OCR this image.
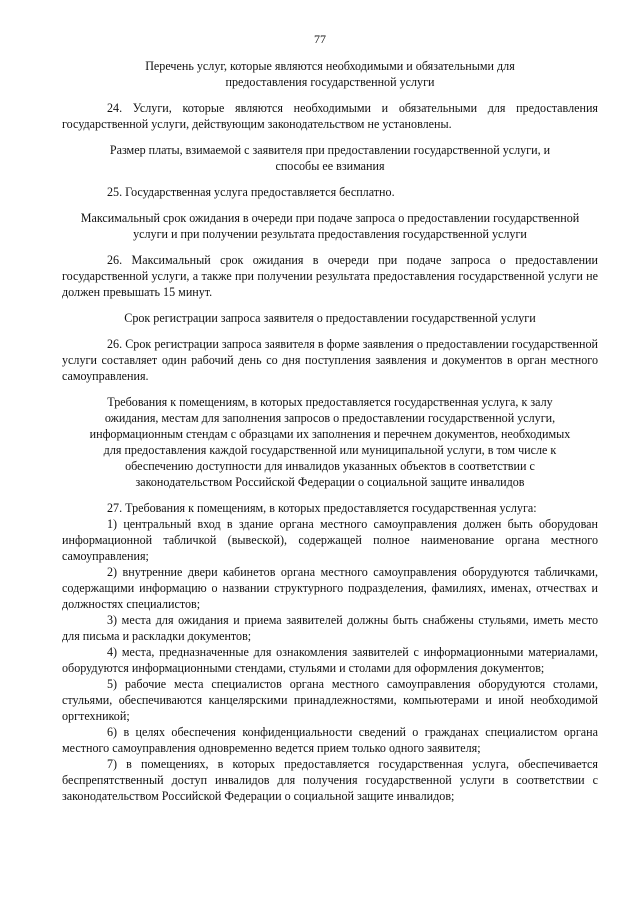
77
Перечень услуг, которые являются необходимыми и обязательными для предоставления государственной услуги
24. Услуги, которые являются необходимыми и обязательными для предоставления государственной услуги, действующим законодательством не установлены.
Размер платы, взимаемой с заявителя при предоставлении государственной услуги, и способы ее взимания
25. Государственная услуга предоставляется бесплатно.
Максимальный срок ожидания в очереди при подаче запроса о предоставлении государственной услуги и при получении результата предоставления государственной услуги
26. Максимальный срок ожидания в очереди при подаче запроса о предоставлении государственной услуги, а также при получении результата предоставления государственной услуги не должен превышать 15 минут.
Срок регистрации запроса заявителя о предоставлении государственной услуги
26. Срок регистрации запроса заявителя в форме заявления о предоставлении государственной услуги составляет один рабочий день со дня поступления заявления и документов в орган местного самоуправления.
Требования к помещениям, в которых предоставляется государственная услуга, к залу ожидания, местам для заполнения запросов о предоставлении государственной услуги, информационным стендам с образцами их заполнения и перечнем документов, необходимых для предоставления каждой государственной или муниципальной услуги, в том числе к обеспечению доступности для инвалидов указанных объектов в соответствии с законодательством Российской Федерации о социальной защите инвалидов
27. Требования к помещениям, в которых предоставляется государственная услуга:
1) центральный вход в здание органа местного самоуправления должен быть оборудован информационной табличкой (вывеской), содержащей полное наименование органа местного самоуправления;
2) внутренние двери кабинетов органа местного самоуправления оборудуются табличками, содержащими информацию о названии структурного подразделения, фамилиях, именах, отчествах и должностях специалистов;
3) места для ожидания и приема заявителей должны быть снабжены стульями, иметь место для письма и раскладки документов;
4) места, предназначенные для ознакомления заявителей с информационными материалами, оборудуются информационными стендами, стульями и столами для оформления документов;
5) рабочие места специалистов органа местного самоуправления оборудуются столами, стульями, обеспечиваются канцелярскими принадлежностями, компьютерами и иной необходимой оргтехникой;
6) в целях обеспечения конфиденциальности сведений о гражданах специалистом органа местного самоуправления одновременно ведется прием только одного заявителя;
7) в помещениях, в которых предоставляется государственная услуга, обеспечивается беспрепятственный доступ инвалидов для получения государственной услуги в соответствии с законодательством Российской Федерации о социальной защите инвалидов;
